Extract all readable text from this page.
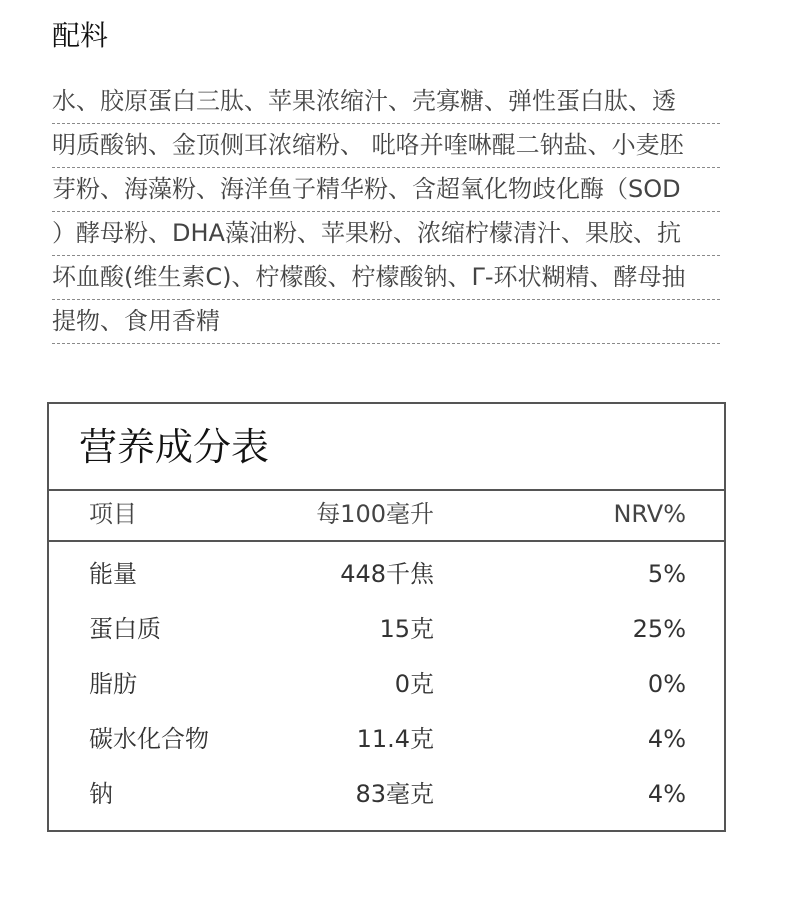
配料
水、胶原蛋白三肽、苹果浓缩汁、壳寡糖、弹性蛋白肽、透
明质酸钠、金顶侧耳浓缩粉、 吡咯并喹啉醌二钠盐、小麦胚
芽粉、海藻粉、海洋鱼子精华粉、含超氧化物歧化酶（SOD
）酵母粉、DHA藻油粉、苹果粉、浓缩柠檬清汁、果胶、抗
坏血酸(维生素C)、柠檬酸、柠檬酸钠、Γ-环状糊精、酵母抽
提物、食用香精
营养成分表
项目	每100毫升	NRV%
能量	448千焦	5%
蛋白质	15克	25%
脂肪	0克	0%
碳水化合物	11.4克	4%
钠	83毫克	4%
